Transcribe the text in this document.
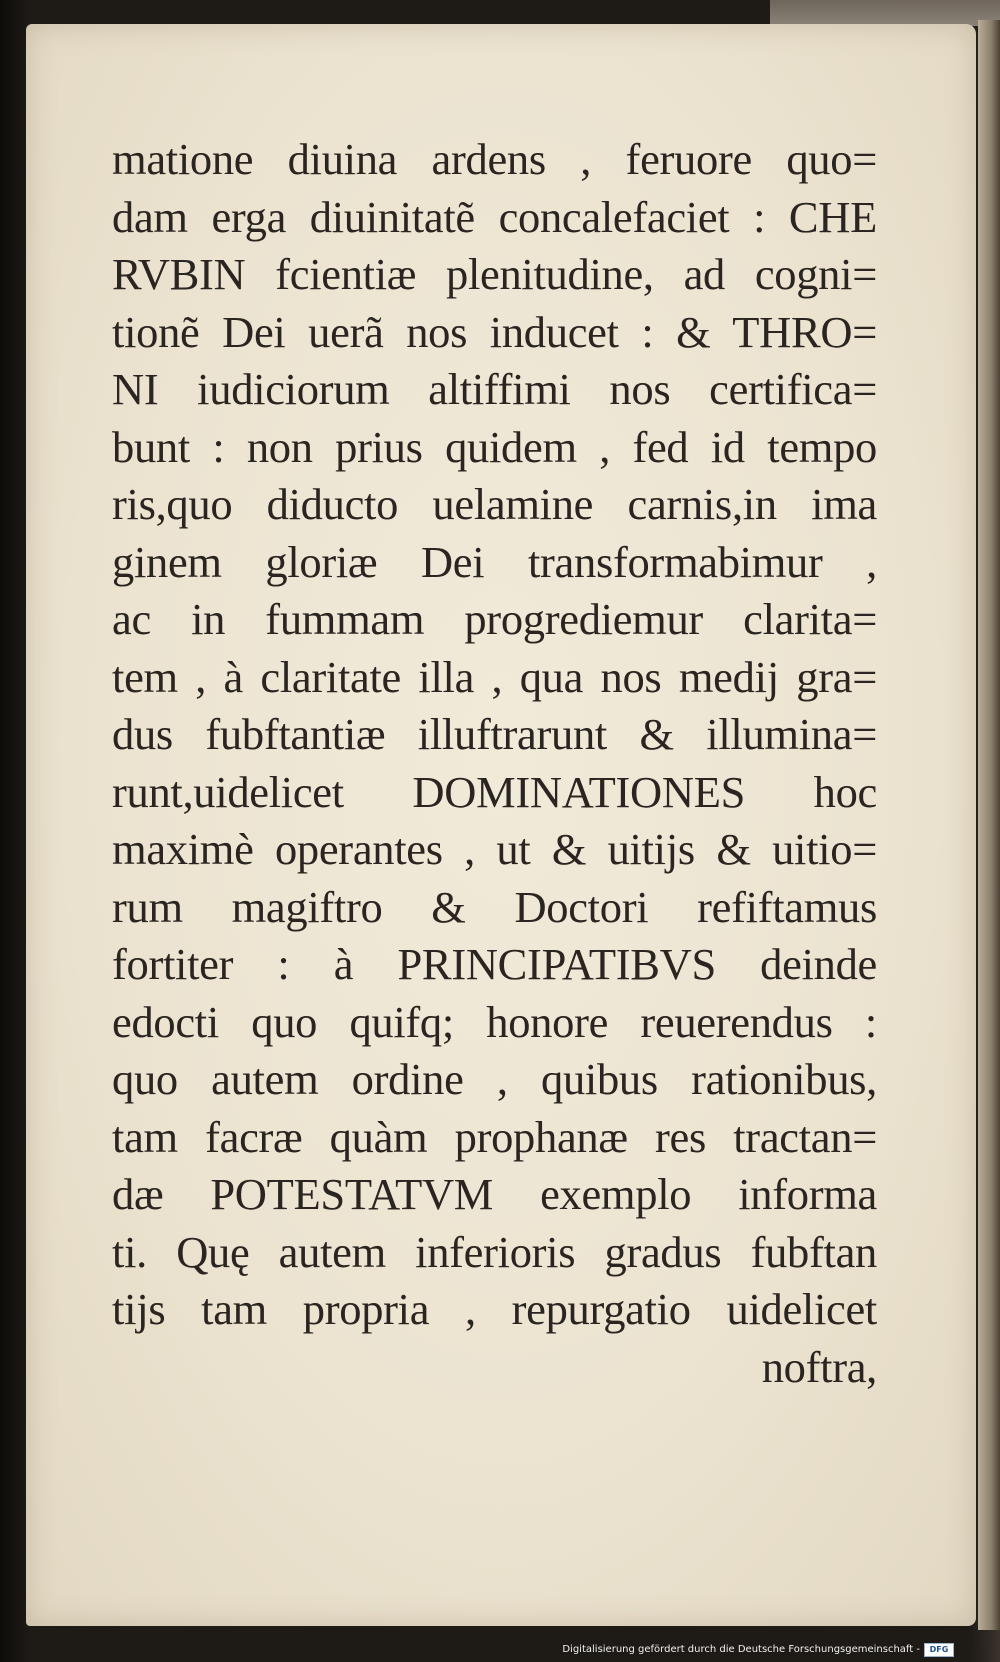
matione diuina ardens , feruore quo=
dam erga diuinitatẽ concalefaciet : CHE
RVBIN fcientiæ plenitudine, ad cogni=
tionẽ Dei uerã nos inducet : & THRO=
NI iudiciorum altiffimi nos certifica=
bunt : non prius quidem , fed id tempo
ris,quo diducto uelamine carnis,in ima
ginem gloriæ Dei transformabimur ,
ac in fummam progrediemur clarita=
tem , à claritate illa , qua nos medĳ gra=
dus fubftantiæ illuftrarunt & illumina=
runt,uidelicet DOMINATIONES hoc
maximè operantes , ut & uitĳs & uitio=
rum magiftro & Doctori refiftamus
fortiter : à PRINCIPATIBVS deinde
edocti quo quifq; honore reuerendus :
quo autem ordine , quibus rationibus,
tam facræ quàm prophanæ res tractan=
dæ POTESTATVM exemplo informa
ti. Quę autem inferioris gradus fubftan
tĳs tam propria , repurgatio uidelicet
noftra,
Digitalisierung gefördert durch die Deutsche Forschungsgemeinschaft -	DFG
